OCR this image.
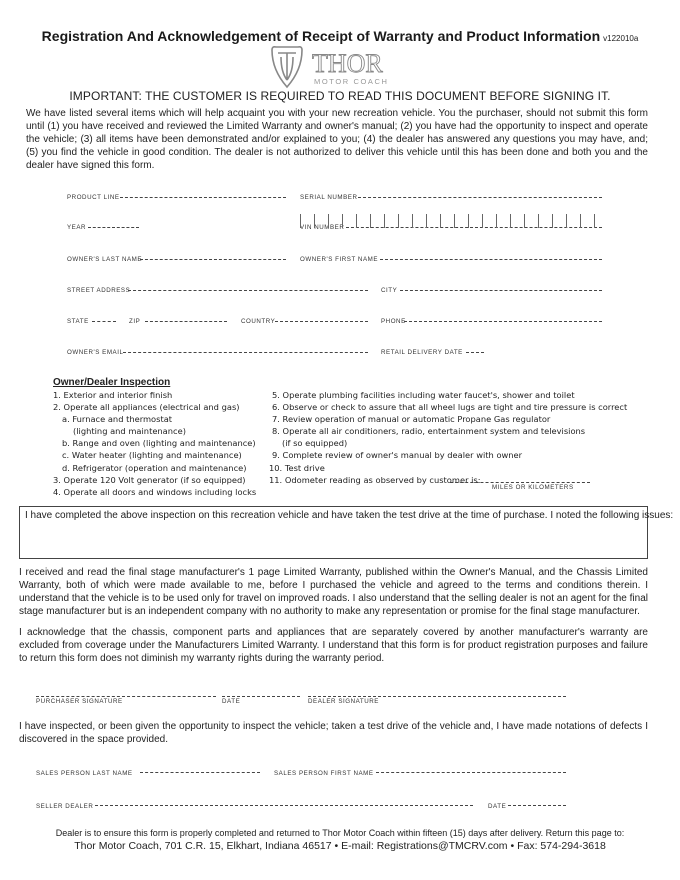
Registration And Acknowledgement of Receipt of Warranty and Product Information v122010a
THOR
MOTOR COACH
IMPORTANT: THE CUSTOMER IS REQUIRED TO READ THIS DOCUMENT BEFORE SIGNING IT.
We have listed several items which will help acquaint you with your new recreation vehicle. You the purchaser, should not submit this form until (1) you have received and reviewed the Limited Warranty and owner's manual; (2) you have had the opportunity to inspect and operate the vehicle; (3) all items have been demonstrated and/or explained to you; (4) the dealer has answered any questions you may have, and; (5) you find the vehicle in good condition. The dealer is not authorized to deliver this vehicle until this has been done and both you and the dealer have signed this form.
PRODUCT LINE	SERIAL NUMBER
YEAR	VIN NUMBER
OWNER'S LAST NAME	OWNER'S FIRST NAME
STREET ADDRESS	CITY
STATE	ZIP	COUNTRY	PHONE
OWNER'S EMAIL	RETAIL DELIVERY DATE
Owner/Dealer Inspection
1. Exterior and interior finish
2. Operate all appliances (electrical and gas)
a. Furnace and thermostat
(lighting and maintenance)
b. Range and oven (lighting and maintenance)
c. Water heater (lighting and maintenance)
d. Refrigerator (operation and maintenance)
3. Operate 120 Volt generator (if so equipped)
4. Operate all doors and windows including locks
5. Operate plumbing facilities including water faucet's, shower and toilet
6. Observe or check to assure that all wheel lugs are tight and tire pressure is correct
7. Review operation of manual or automatic Propane Gas regulator
8. Operate all air conditioners, radio, entertainment system and televisions
(if so equipped)
9. Complete review of owner's manual by dealer with owner
10. Test drive
11. Odometer reading as observed by customer is:
MILES OR KILOMETERS
I have completed the above inspection on this recreation vehicle and have taken the test drive at the time of purchase. I noted the following issues:
I received and read the final stage manufacturer's 1 page Limited Warranty, published within the Owner's Manual, and the Chassis Limited Warranty, both of which were made available to me, before I purchased the vehicle and agreed to the terms and conditions therein. I understand that the vehicle is to be used only for travel on improved roads. I also understand that the selling dealer is not an agent for the final stage manufacturer but is an independent company with no authority to make any representation or promise for the final stage manufacturer.
I acknowledge that the chassis, component parts and appliances that are separately covered by another manufacturer's warranty are excluded from coverage under the Manufacturers Limited Warranty. I understand that this form is for product registration purposes and failure to return this form does not diminish my warranty rights during the warranty period.
PURCHASER SIGNATURE	DATE	DEALER SIGNATURE
I have inspected, or been given the opportunity to inspect the vehicle; taken a test drive of the vehicle and, I have made notations of defects I discovered in the space provided.
SALES PERSON LAST NAME	SALES PERSON FIRST NAME
SELLER DEALER	DATE
Dealer is to ensure this form is properly completed and returned to Thor Motor Coach within fifteen (15) days after delivery. Return this page to:
Thor Motor Coach, 701 C.R. 15, Elkhart, Indiana 46517 • E-mail: Registrations@TMCRV.com • Fax: 574-294-3618
